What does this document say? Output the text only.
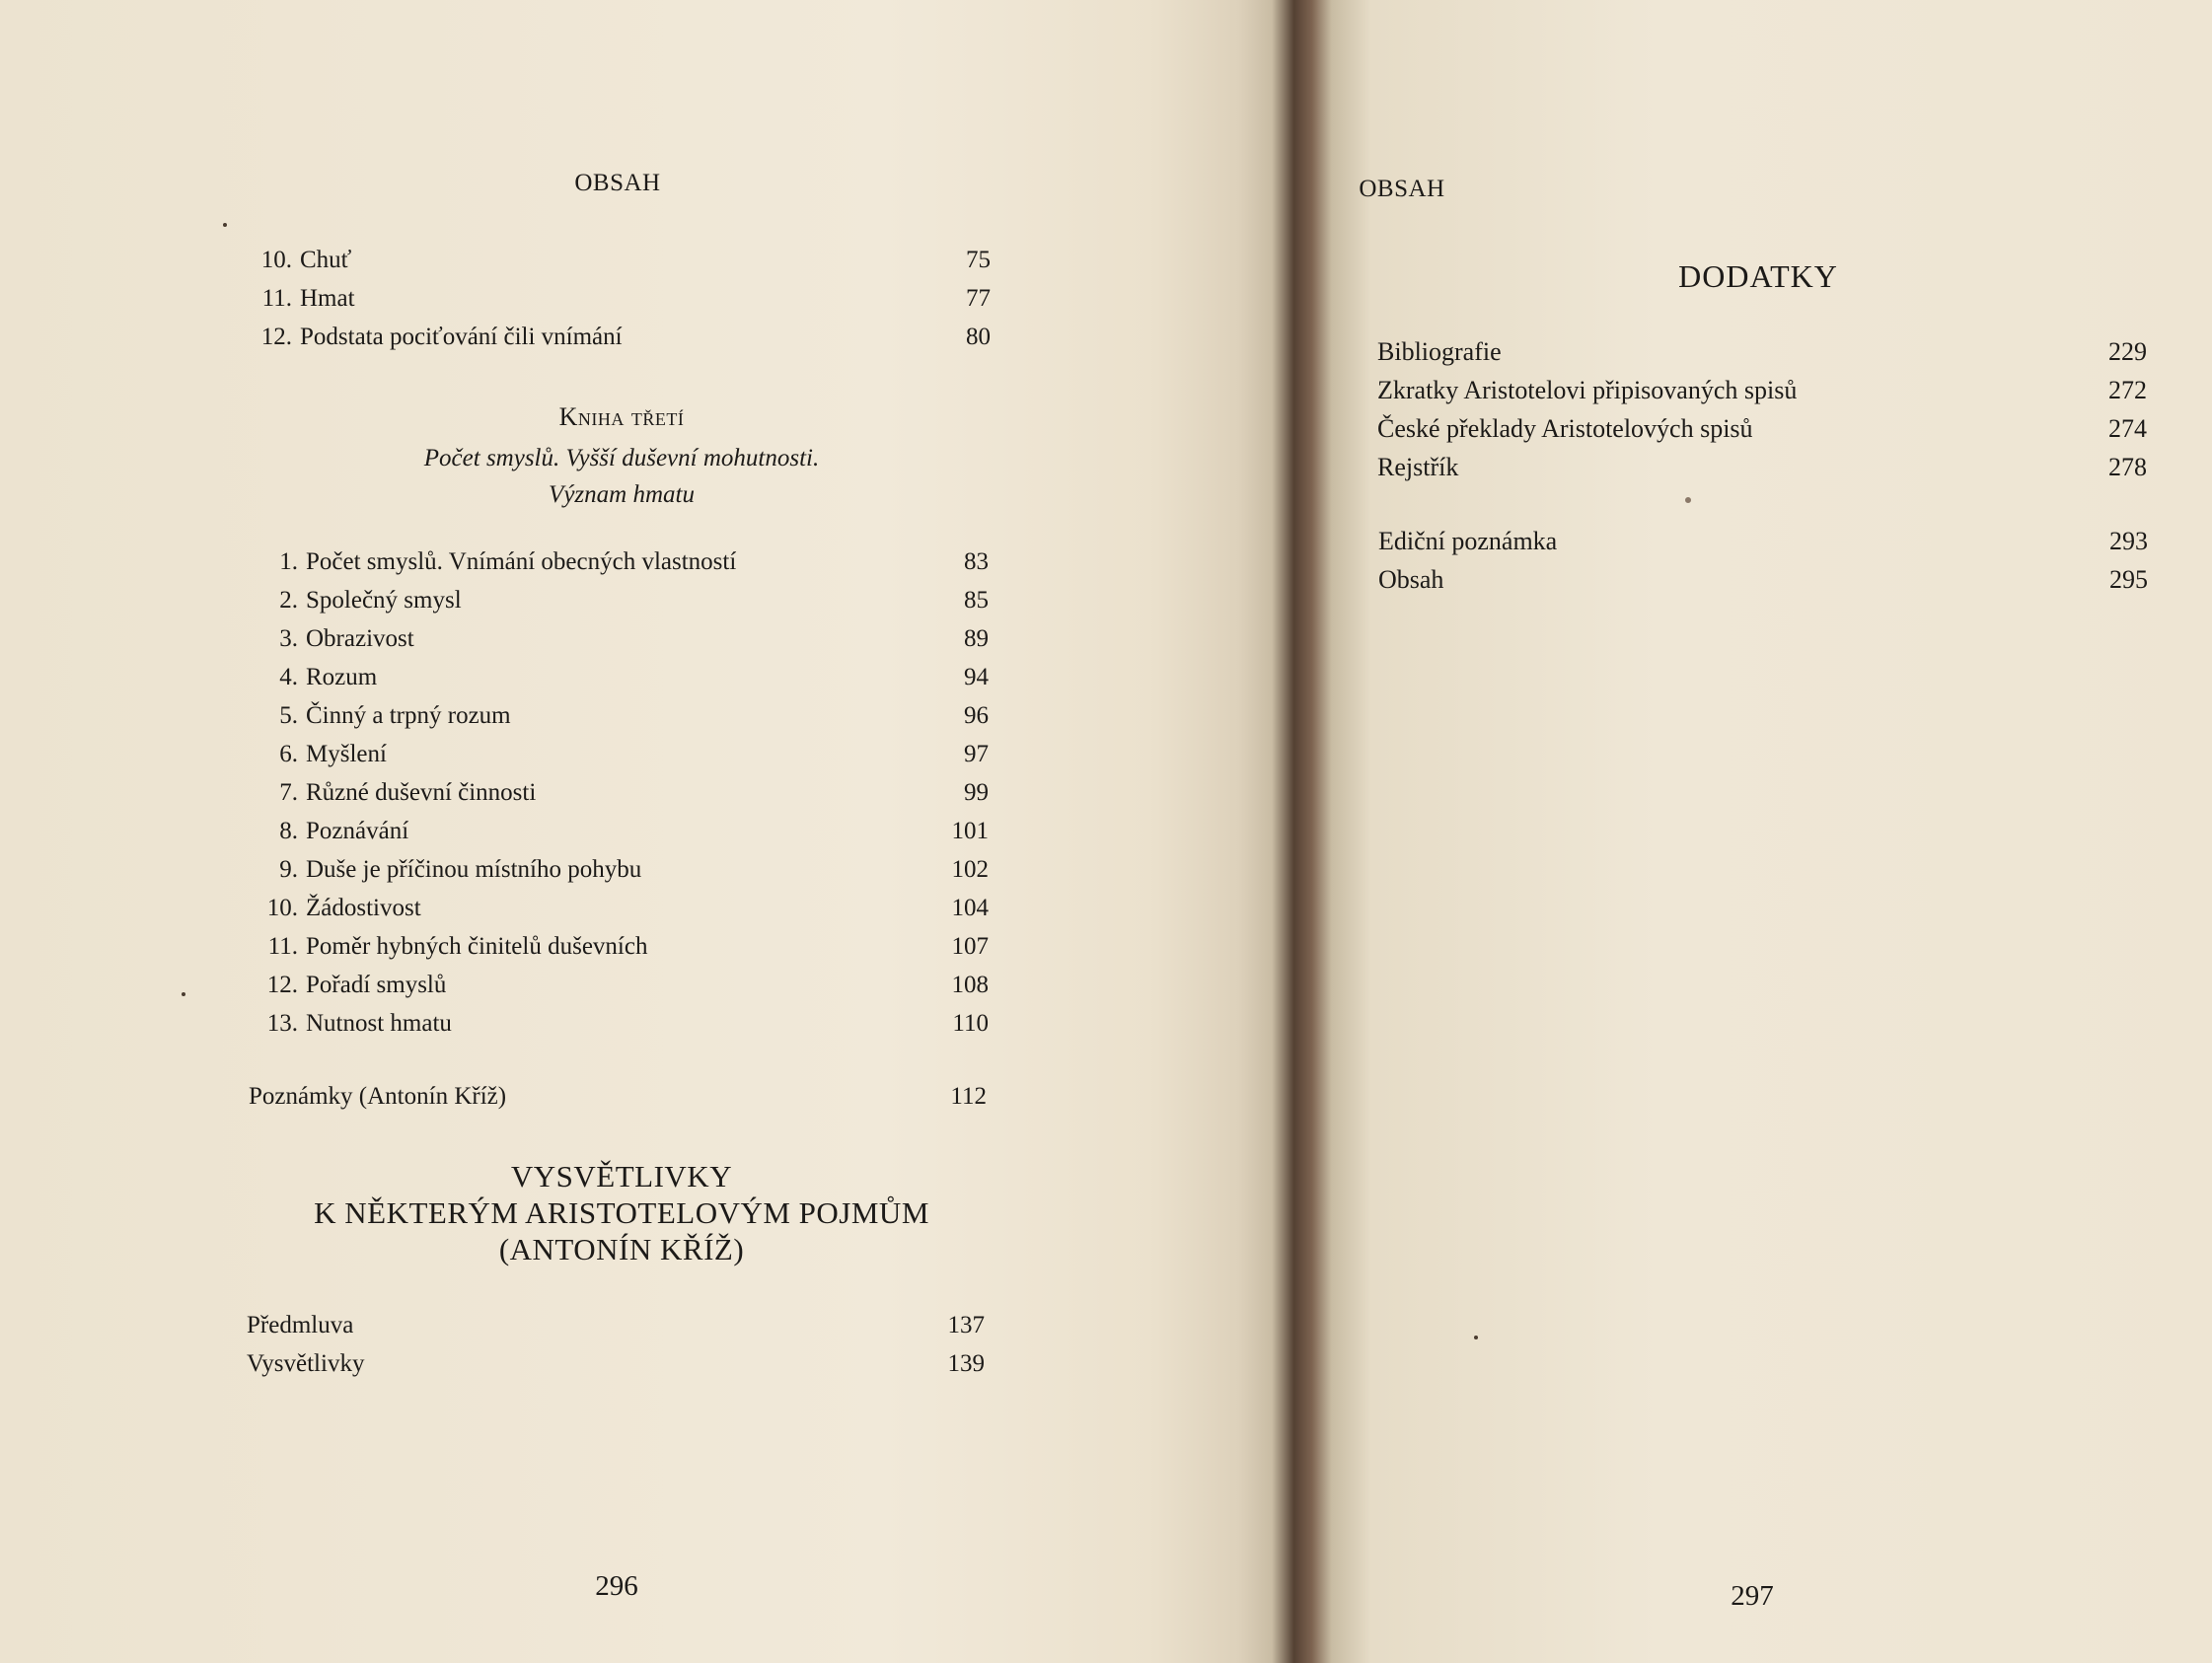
OBSAH
10. Chuť	75
11. Hmat	77
12. Podstata pociťování čili vnímání	80
Kniha třetí
Počet smyslů. Vyšší duševní mohutnosti.
Význam hmatu
1. Počet smyslů. Vnímání obecných vlastností	83
2. Společný smysl	85
3. Obrazivost	89
4. Rozum	94
5. Činný a trpný rozum	96
6. Myšlení	97
7. Různé duševní činnosti	99
8. Poznávání	101
9. Duše je příčinou místního pohybu	102
10. Žádostivost	104
11. Poměr hybných činitelů duševních	107
12. Pořadí smyslů	108
13. Nutnost hmatu	110
Poznámky (Antonín Kříž)	112
VYSVĚTLIVKY
K NĚKTERÝM ARISTOTELOVÝM POJMŮM
(ANTONÍN KŘÍŽ)
Předmluva	137
Vysvětlivky	139
296
OBSAH
DODATKY
Bibliografie	229
Zkratky Aristotelovi připisovaných spisů	272
České překlady Aristotelových spisů	274
Rejstřík	278
Ediční poznámka	293
Obsah	295
297
